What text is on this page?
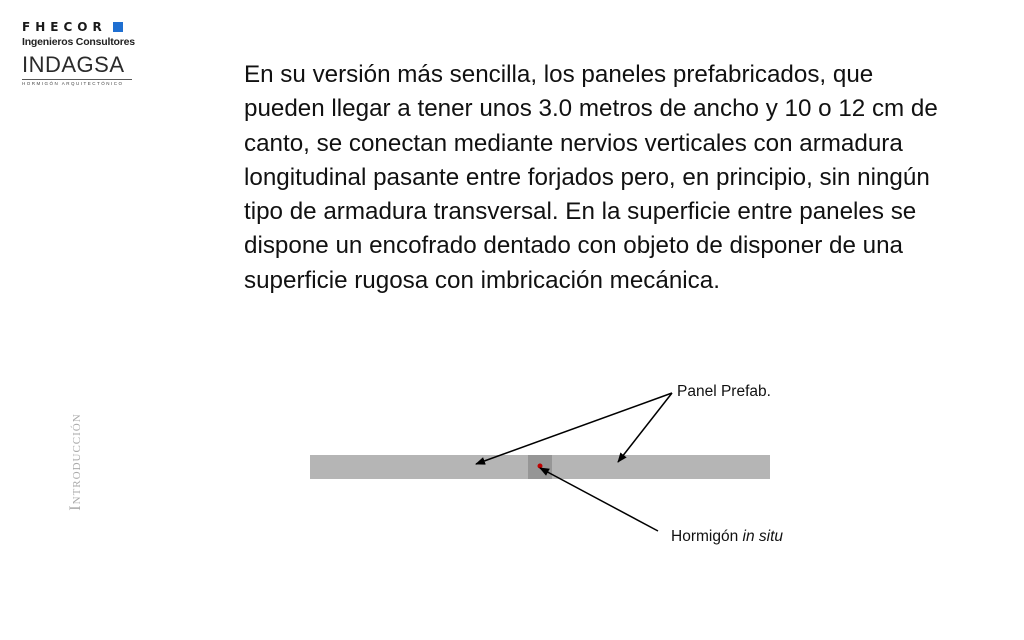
FHECOR
Ingenieros Consultores
INDAGSA
HORMIGÓN ARQUITECTÓNICO	En su versión más sencilla, los paneles prefabricados, que pueden llegar a tener unos 3.0 metros de ancho y 10 o 12 cm de canto, se conectan mediante nervios verticales con armadura longitudinal pasante entre forjados pero, en principio, sin ningún tipo de armadura transversal. En la superficie entre paneles se dispone un encofrado dentado con objeto de disponer de una superficie rugosa con imbricación mecánica.
Introducción
Panel Prefab.
Hormigón in situ
